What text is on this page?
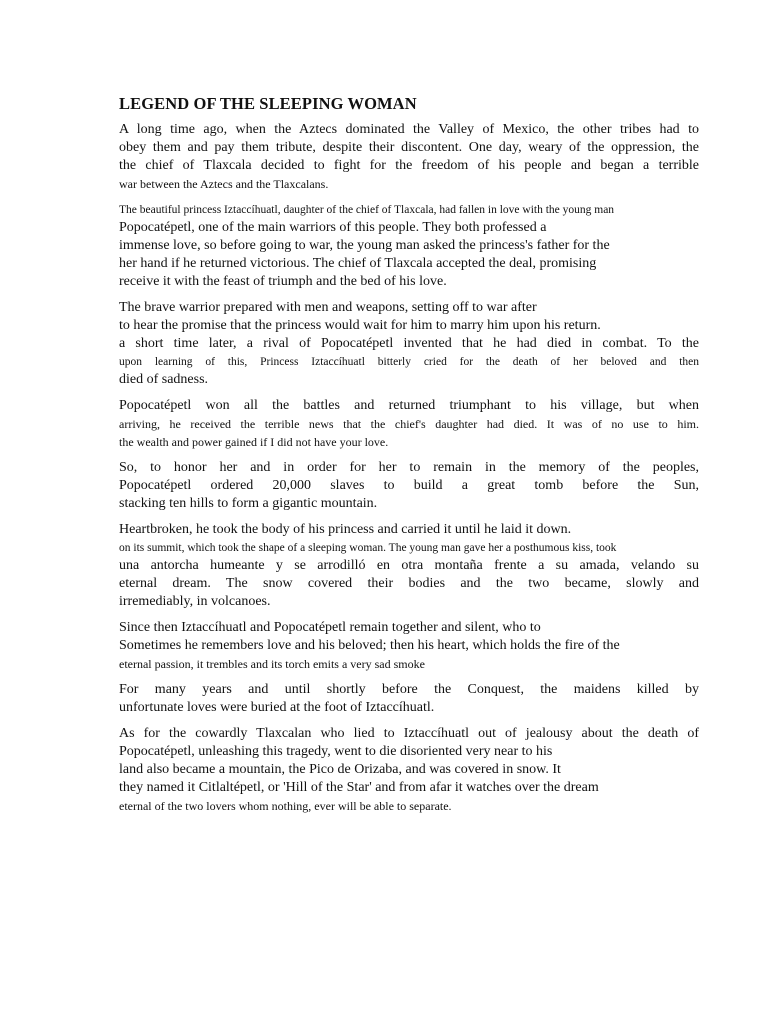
LEGEND OF THE SLEEPING WOMAN
A long time ago, when the Aztecs dominated the Valley of Mexico, the other tribes had to
obey them and pay them tribute, despite their discontent. One day, weary of the oppression, the
the chief of Tlaxcala decided to fight for the freedom of his people and began a terrible
war between the Aztecs and the Tlaxcalans.
The beautiful princess Iztaccíhuatl, daughter of the chief of Tlaxcala, had fallen in love with the young man
Popocatépetl, one of the main warriors of this people. They both professed a
immense love, so before going to war, the young man asked the princess's father for the
her hand if he returned victorious. The chief of Tlaxcala accepted the deal, promising
receive it with the feast of triumph and the bed of his love.
The brave warrior prepared with men and weapons, setting off to war after
to hear the promise that the princess would wait for him to marry him upon his return.
a short time later, a rival of Popocatépetl invented that he had died in combat. To the
upon learning of this, Princess Iztaccíhuatl bitterly cried for the death of her beloved and then
died of sadness.
Popocatépetl won all the battles and returned triumphant to his village, but when
arriving, he received the terrible news that the chief's daughter had died. It was of no use to him.
the wealth and power gained if I did not have your love.
So, to honor her and in order for her to remain in the memory of the peoples,
Popocatépetl ordered 20,000 slaves to build a great tomb before the Sun,
stacking ten hills to form a gigantic mountain.
Heartbroken, he took the body of his princess and carried it until he laid it down.
on its summit, which took the shape of a sleeping woman. The young man gave her a posthumous kiss, took
una antorcha humeante y se arrodilló en otra montaña frente a su amada, velando su
eternal dream. The snow covered their bodies and the two became, slowly and
irremediably, in volcanoes.
Since then Iztaccíhuatl and Popocatépetl remain together and silent, who to
Sometimes he remembers love and his beloved; then his heart, which holds the fire of the
eternal passion, it trembles and its torch emits a very sad smoke
For many years and until shortly before the Conquest, the maidens killed by
unfortunate loves were buried at the foot of Iztaccíhuatl.
As for the cowardly Tlaxcalan who lied to Iztaccíhuatl out of jealousy about the death of
Popocatépetl, unleashing this tragedy, went to die disoriented very near to his
land also became a mountain, the Pico de Orizaba, and was covered in snow. It
they named it Citlaltépetl, or 'Hill of the Star' and from afar it watches over the dream
eternal of the two lovers whom nothing, ever will be able to separate.
